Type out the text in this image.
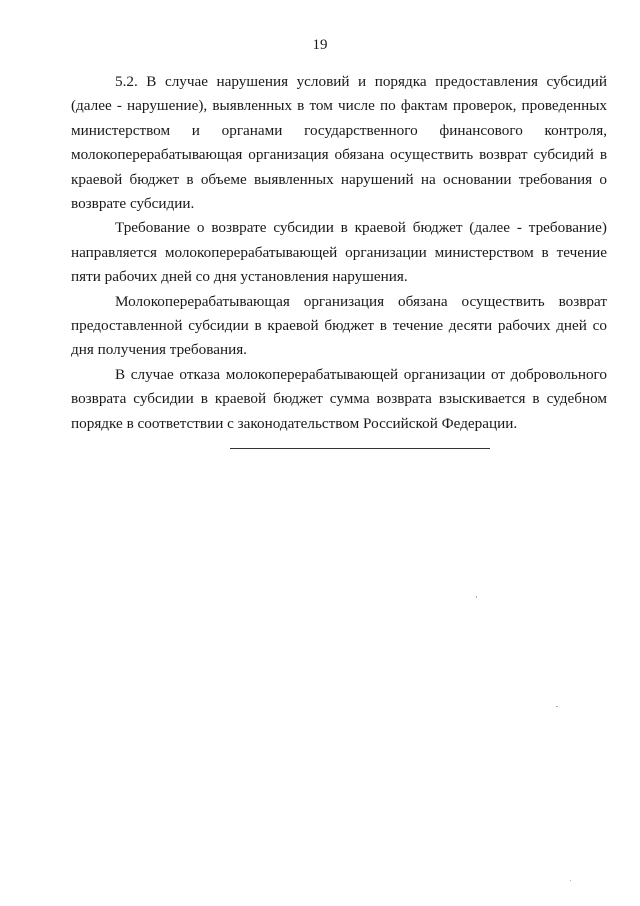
19

5.2. В случае нарушения условий и порядка предоставления субсидий (далее - нарушение), выявленных в том числе по фактам проверок, проведенных министерством и органами государственного финансового контроля, молокоперерабатывающая организация обязана осуществить возврат субсидий в краевой бюджет в объеме выявленных нарушений на основании требования о возврате субсидии.

Требование о возврате субсидии в краевой бюджет (далее - требование) направляется молокоперерабатывающей организации министерством в течение пяти рабочих дней со дня установления нарушения.

Молокоперерабатывающая организация обязана осуществить возврат предоставленной субсидии в краевой бюджет в течение десяти рабочих дней со дня получения требования.

В случае отказа молокоперерабатывающей организации от добровольного возврата субсидии в краевой бюджет сумма возврата взыскивается в судебном порядке в соответствии с законодательством Российской Федерации.
